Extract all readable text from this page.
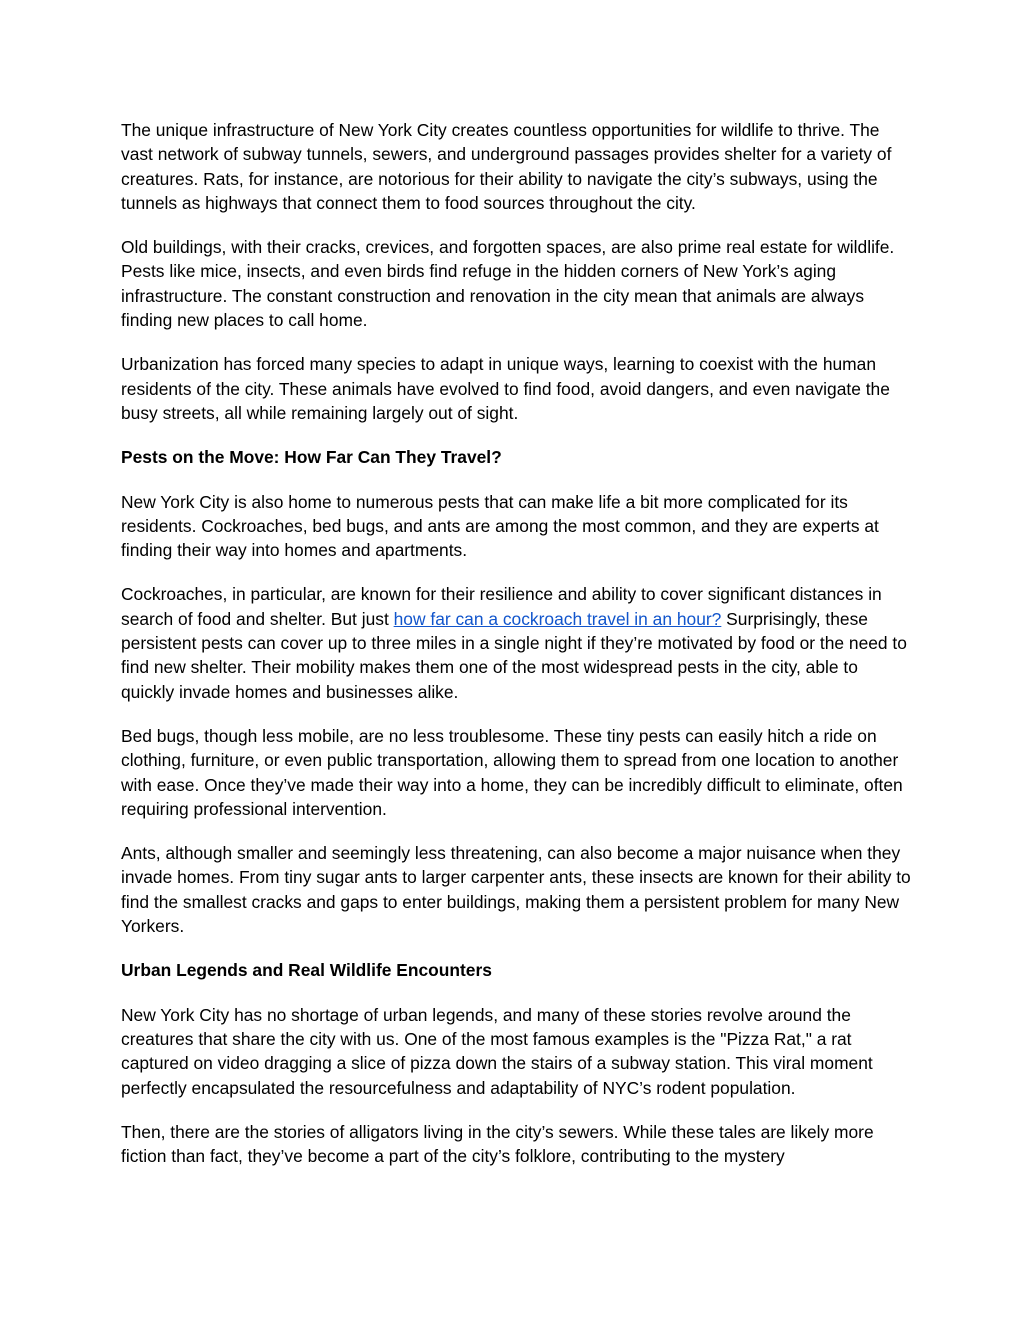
The unique infrastructure of New York City creates countless opportunities for wildlife to thrive. The vast network of subway tunnels, sewers, and underground passages provides shelter for a variety of creatures. Rats, for instance, are notorious for their ability to navigate the city’s subways, using the tunnels as highways that connect them to food sources throughout the city.

Old buildings, with their cracks, crevices, and forgotten spaces, are also prime real estate for wildlife. Pests like mice, insects, and even birds find refuge in the hidden corners of New York’s aging infrastructure. The constant construction and renovation in the city mean that animals are always finding new places to call home.

Urbanization has forced many species to adapt in unique ways, learning to coexist with the human residents of the city. These animals have evolved to find food, avoid dangers, and even navigate the busy streets, all while remaining largely out of sight.

Pests on the Move: How Far Can They Travel?

New York City is also home to numerous pests that can make life a bit more complicated for its residents. Cockroaches, bed bugs, and ants are among the most common, and they are experts at finding their way into homes and apartments.

Cockroaches, in particular, are known for their resilience and ability to cover significant distances in search of food and shelter. But just how far can a cockroach travel in an hour? Surprisingly, these persistent pests can cover up to three miles in a single night if they’re motivated by food or the need to find new shelter. Their mobility makes them one of the most widespread pests in the city, able to quickly invade homes and businesses alike.

Bed bugs, though less mobile, are no less troublesome. These tiny pests can easily hitch a ride on clothing, furniture, or even public transportation, allowing them to spread from one location to another with ease. Once they’ve made their way into a home, they can be incredibly difficult to eliminate, often requiring professional intervention.

Ants, although smaller and seemingly less threatening, can also become a major nuisance when they invade homes. From tiny sugar ants to larger carpenter ants, these insects are known for their ability to find the smallest cracks and gaps to enter buildings, making them a persistent problem for many New Yorkers.

Urban Legends and Real Wildlife Encounters

New York City has no shortage of urban legends, and many of these stories revolve around the creatures that share the city with us. One of the most famous examples is the "Pizza Rat," a rat captured on video dragging a slice of pizza down the stairs of a subway station. This viral moment perfectly encapsulated the resourcefulness and adaptability of NYC’s rodent population.

Then, there are the stories of alligators living in the city’s sewers. While these tales are likely more fiction than fact, they’ve become a part of the city’s folklore, contributing to the mystery
